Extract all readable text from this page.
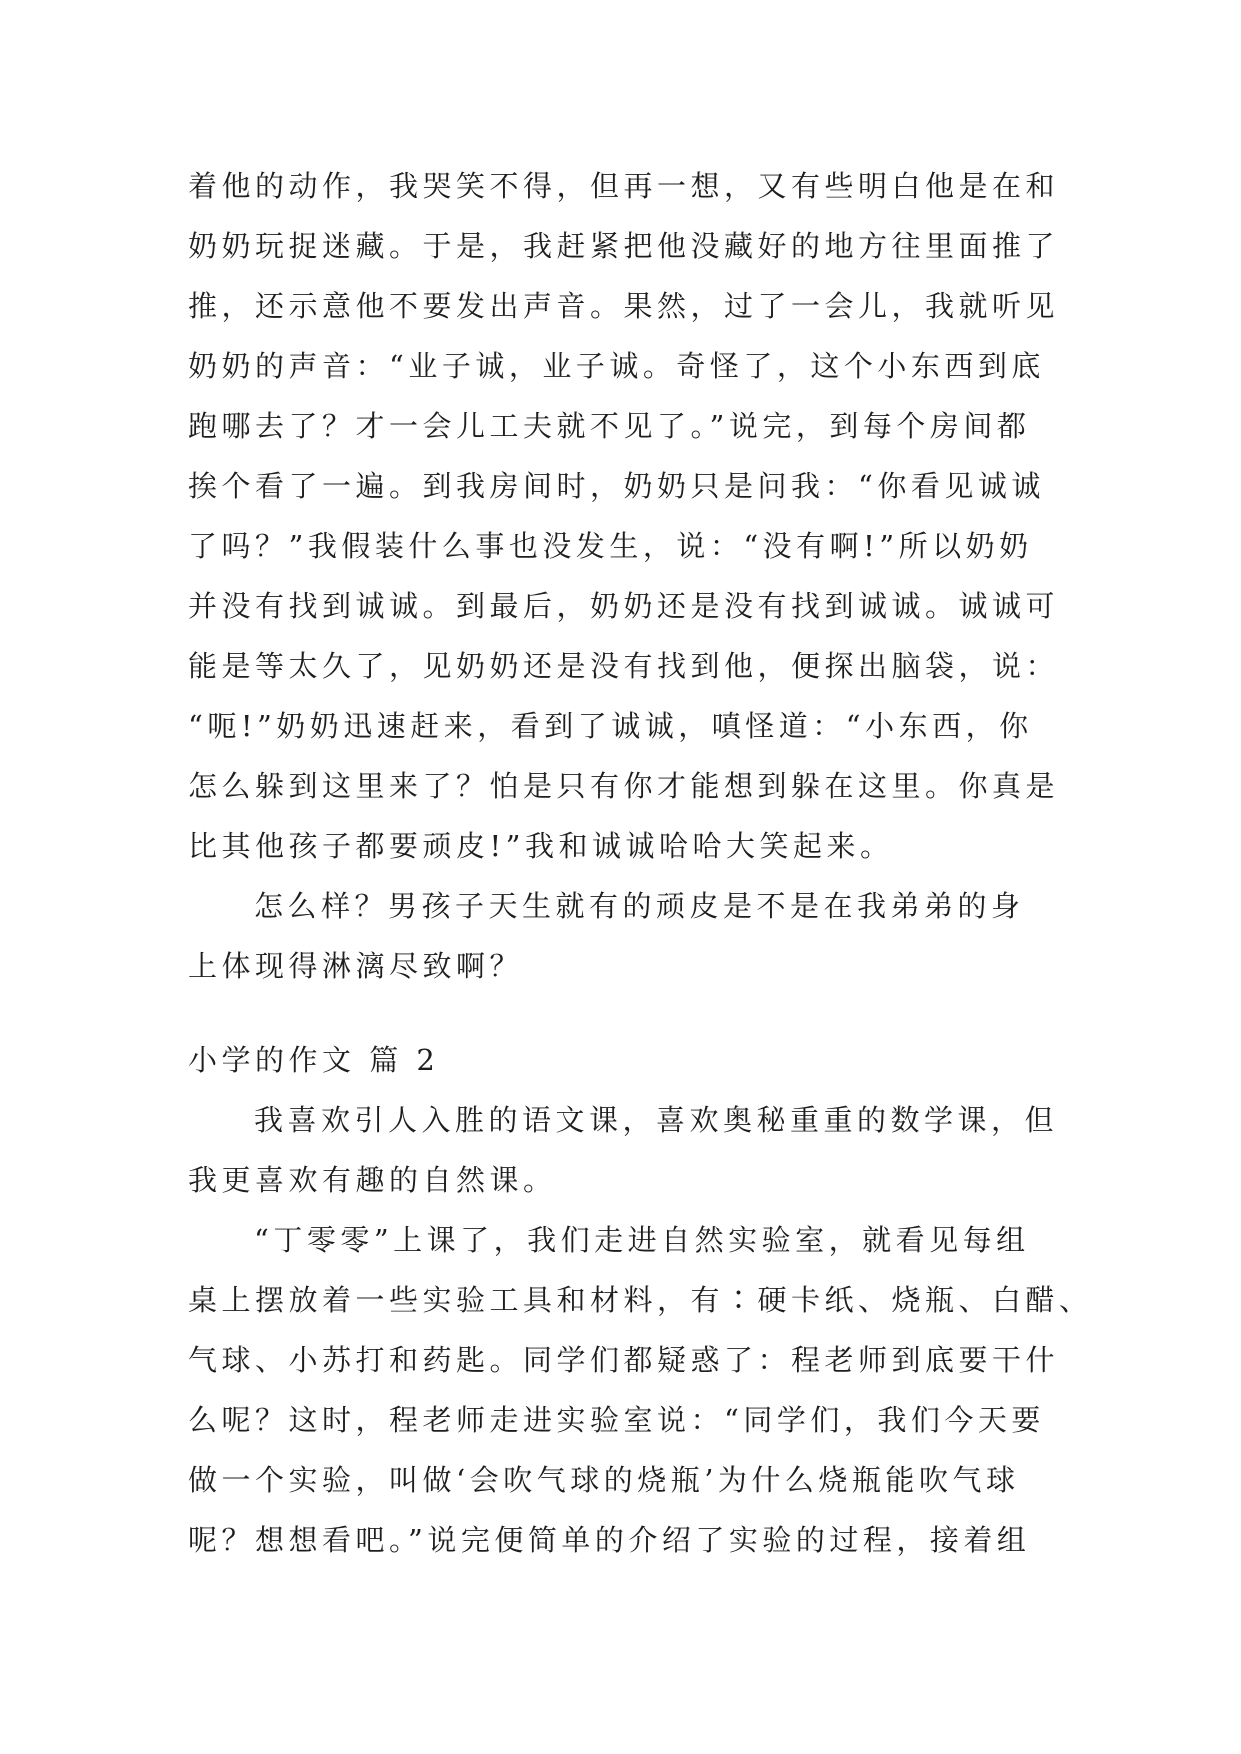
着他的动作，我哭笑不得，但再一想，又有些明白他是在和
奶奶玩捉迷藏。于是，我赶紧把他没藏好的地方往里面推了
推，还示意他不要发出声音。果然，过了一会儿，我就听见
奶奶的声音：“业子诚，业子诚。奇怪了，这个小东西到底
跑哪去了？才一会儿工夫就不见了。”说完，到每个房间都
挨个看了一遍。到我房间时，奶奶只是问我：“你看见诚诚
了吗？”我假装什么事也没发生，说：“没有啊!”所以奶奶
并没有找到诚诚。到最后，奶奶还是没有找到诚诚。诚诚可
能是等太久了，见奶奶还是没有找到他，便探出脑袋，说：
“呃!”奶奶迅速赶来，看到了诚诚，嗔怪道：“小东西，你
怎么躲到这里来了？怕是只有你才能想到躲在这里。你真是
比其他孩子都要顽皮!”我和诚诚哈哈大笑起来。
怎么样？男孩子天生就有的顽皮是不是在我弟弟的身
上体现得淋漓尽致啊？
小学的作文 篇 2
我喜欢引人入胜的语文课，喜欢奥秘重重的数学课，但
我更喜欢有趣的自然课。
“丁零零”上课了，我们走进自然实验室，就看见每组
桌上摆放着一些实验工具和材料，有∶硬卡纸、烧瓶、白醋、
气球、小苏打和药匙。同学们都疑惑了：程老师到底要干什
么呢？这时，程老师走进实验室说：“同学们，我们今天要
做一个实验，叫做‘会吹气球的烧瓶’为什么烧瓶能吹气球
呢？想想看吧。”说完便简单的介绍了实验的过程，接着组
